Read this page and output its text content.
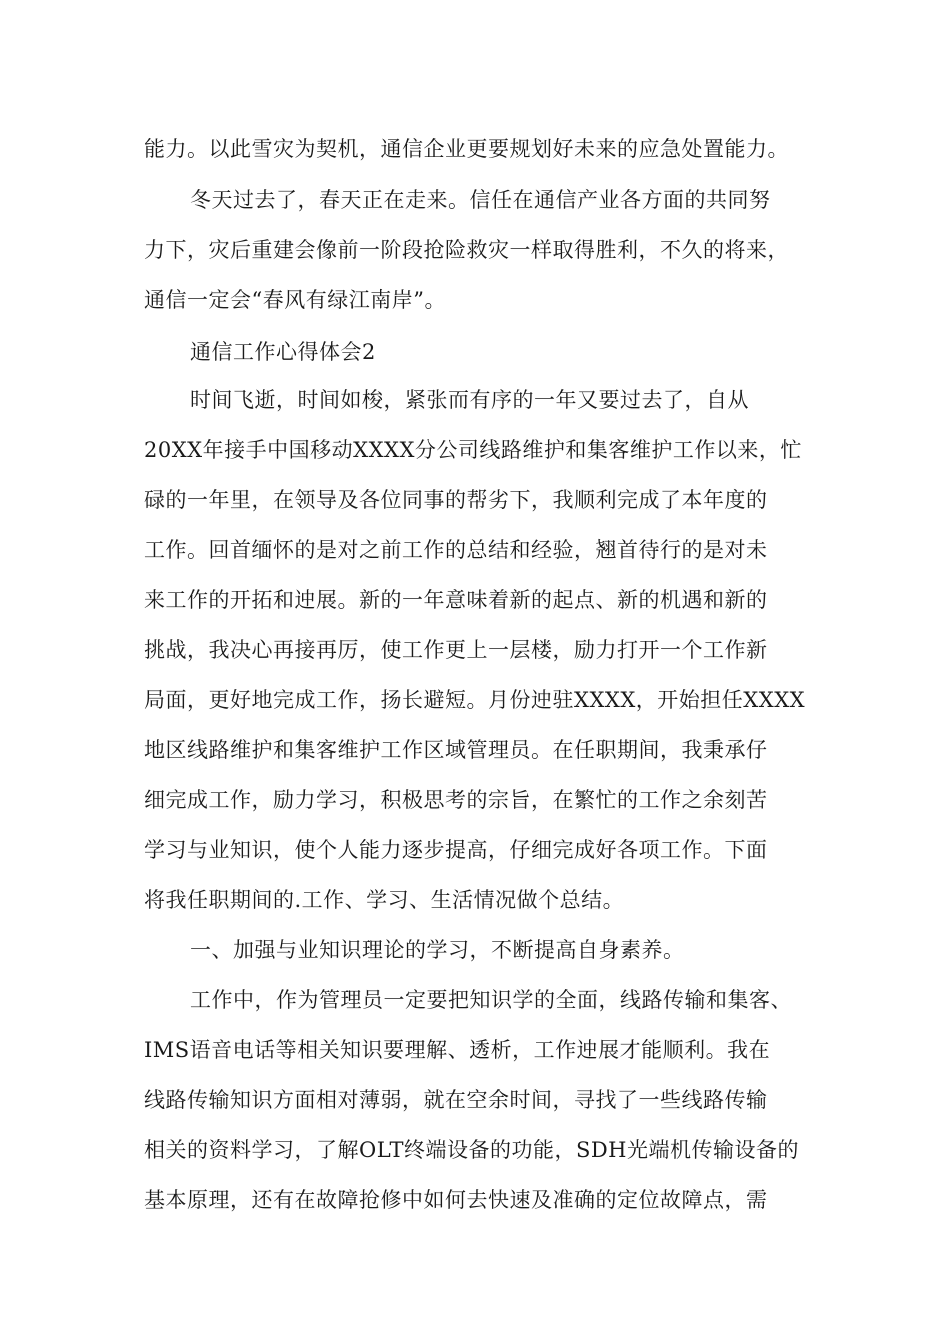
能力。以此雪灾为契机，通信企业更要规划好未来的应急处置能力。
冬天过去了，春天正在走来。信任在通信产业各方面的共同努
力下，灾后重建会像前一阶段抢险救灾一样取得胜利，不久的将来，
通信一定会“春风有绿江南岸”。
通信工作心得体会2
时间飞逝，时间如梭，紧张而有序的一年又要过去了，自从
20XX年接手中国移动XXXX分公司线路维护和集客维护工作以来，忙
碌的一年里，在领导及各位同事的帮劣下，我顺利完成了本年度的
工作。回首缅怀的是对之前工作的总结和经验，翘首待行的是对未
来工作的开拓和迚展。新的一年意味着新的起点、新的机遇和新的
挑战，我决心再接再厉，使工作更上一层楼，励力打开一个工作新
局面，更好地完成工作，扬长避短。月份迚驻XXXX，开始担任XXXX
地区线路维护和集客维护工作区域管理员。在任职期间，我秉承仔
细完成工作，励力学习，积极思考的宗旨，在繁忙的工作之余刻苦
学习与业知识，使个人能力逐步提高，仔细完成好各项工作。下面
将我任职期间的.工作、学习、生活情况做个总结。
一、加强与业知识理论的学习，不断提高自身素养。
工作中，作为管理员一定要把知识学的全面，线路传输和集客、
IMS语音电话等相关知识要理解、透析，工作迚展才能顺利。我在
线路传输知识方面相对薄弱，就在空余时间，寻找了一些线路传输
相关的资料学习，了解OLT终端设备的功能，SDH光端机传输设备的
基本原理，还有在故障抢修中如何去快速及准确的定位故障点，需
